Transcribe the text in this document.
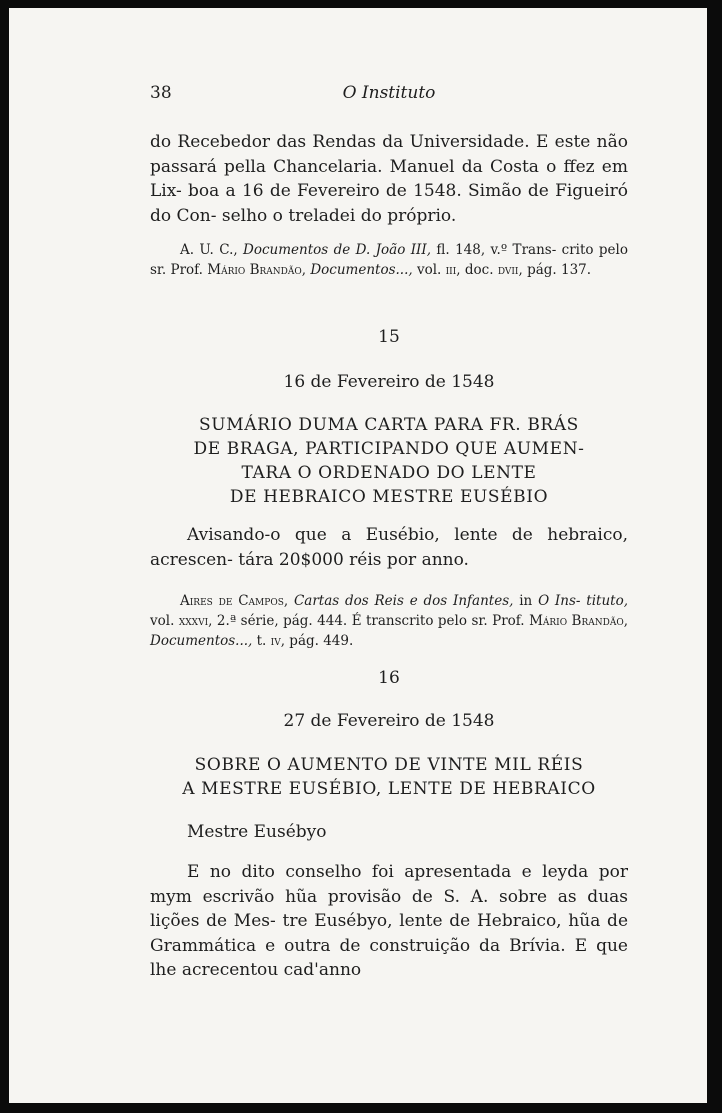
38	O Instituto

do Recebedor das Rendas da Universidade. E este não passará pella Chancelaria. Manuel da Costa o ffez em Lix- boa a 16 de Fevereiro de 1548. Simão de Figueiró do Con- selho o treladei do próprio.

A. U. C., Documentos de D. João III, fl. 148, v.º Trans- crito pelo sr. Prof. Mário Brandão, Documentos..., vol. iii, doc. dvii, pág. 137.

15
16 de Fevereiro de 1548
SUMÁRIO DUMA CARTA PARA FR. BRÁS
DE BRAGA, PARTICIPANDO QUE AUMEN-
TARA O ORDENADO DO LENTE
DE HEBRAICO MESTRE EUSÉBIO

Avisando-o que a Eusébio, lente de hebraico, acrescen- tára 20$000 réis por anno.

Aires de Campos, Cartas dos Reis e dos Infantes, in O Ins- tituto, vol. xxxvi, 2.ª série, pág. 444. É transcrito pelo sr. Prof. Mário Brandão, Documentos..., t. iv, pág. 449.

16
27 de Fevereiro de 1548
SOBRE O AUMENTO DE VINTE MIL RÉIS
A MESTRE EUSÉBIO, LENTE DE HEBRAICO

Mestre Eusébyo

E no dito conselho foi apresentada e leyda por mym escrivão hũa provisão de S. A. sobre as duas lições de Mes- tre Eusébyo, lente de Hebraico, hũa de Grammática e outra de construição da Brívia. E que lhe acrecentou cad'anno
